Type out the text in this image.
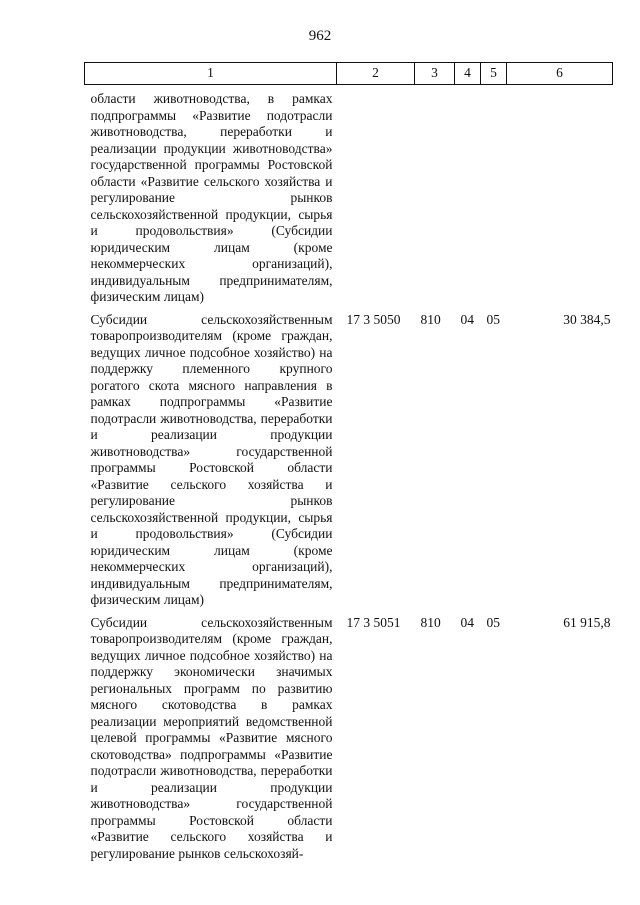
962
1	2	3	4	5	6
области животноводства, в рамках подпрограммы «Развитие подотрасли животноводства, переработки и реализации продукции животноводства» государственной программы Ростовской области «Развитие сельского хозяйства и регулирование рынков сельскохозяйственной продукции, сырья и продовольствия» (Субсидии юридическим лицам (кроме некоммерческих организаций), индивидуальным предпринимателям, физическим лицам)					
Субсидии сельскохозяйственным товаропроизводителям (кроме граждан, ведущих личное подсобное хозяйство) на поддержку племенного крупного рогатого скота мясного направления в рамках подпрограммы «Развитие подотрасли животноводства, переработки и реализации продукции животноводства» государственной программы Ростовской области «Развитие сельского хозяйства и регулирование рынков сельскохозяйственной продукции, сырья и продовольствия» (Субсидии юридическим лицам (кроме некоммерческих организаций), индивидуальным предпринимателям, физическим лицам)	17 3 5050	810	04	05	30 384,5
Субсидии сельскохозяйственным товаропроизводителям (кроме граждан, ведущих личное подсобное хозяйство) на поддержку экономически значимых региональных программ по развитию мясного скотоводства в рамках реализации мероприятий ведомственной целевой программы «Развитие мясного скотоводства» подпрограммы «Развитие подотрасли животноводства, переработки и реализации продукции животноводства» государственной программы Ростовской области «Развитие сельского хозяйства и регулирование рынков сельскохозяй-	17 3 5051	810	04	05	61 915,8
